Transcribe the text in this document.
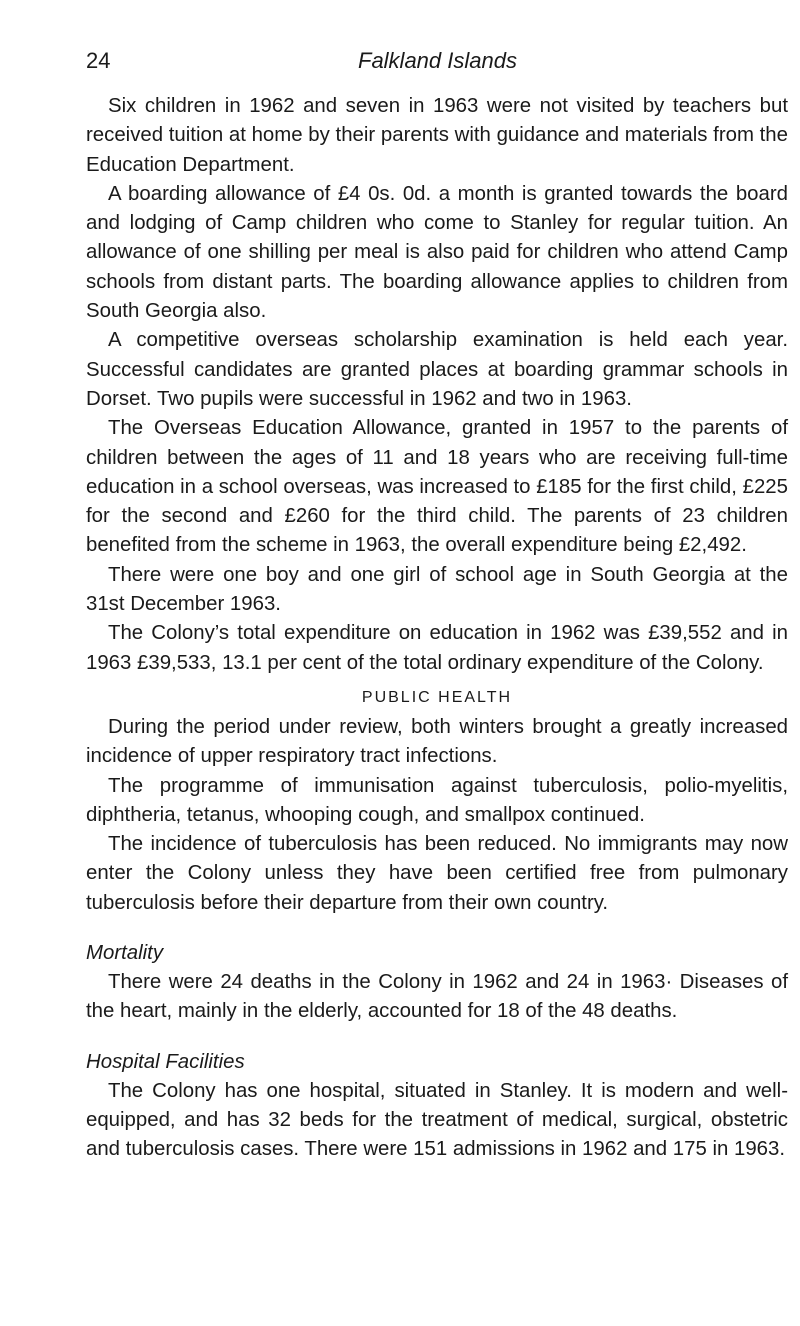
24	Falkland Islands

Six children in 1962 and seven in 1963 were not visited by teachers but received tuition at home by their parents with guidance and materials from the Education Department.

A boarding allowance of £4 0s. 0d. a month is granted towards the board and lodging of Camp children who come to Stanley for regular tuition. An allowance of one shilling per meal is also paid for children who attend Camp schools from distant parts. The boarding allowance applies to children from South Georgia also.

A competitive overseas scholarship examination is held each year. Successful candidates are granted places at boarding grammar schools in Dorset. Two pupils were successful in 1962 and two in 1963.

The Overseas Education Allowance, granted in 1957 to the parents of children between the ages of 11 and 18 years who are receiving full-time education in a school overseas, was increased to £185 for the first child, £225 for the second and £260 for the third child. The parents of 23 children benefited from the scheme in 1963, the overall expenditure being £2,492.

There were one boy and one girl of school age in South Georgia at the 31st December 1963.

The Colony’s total expenditure on education in 1962 was £39,552 and in 1963 £39,533, 13.1 per cent of the total ordinary expenditure of the Colony.

PUBLIC HEALTH

During the period under review, both winters brought a greatly increased incidence of upper respiratory tract infections.

The programme of immunisation against tuberculosis, polio-myelitis, diphtheria, tetanus, whooping cough, and smallpox continued.

The incidence of tuberculosis has been reduced. No immigrants may now enter the Colony unless they have been certified free from pulmonary tuberculosis before their departure from their own country.

Mortality

There were 24 deaths in the Colony in 1962 and 24 in 1963· Diseases of the heart, mainly in the elderly, accounted for 18 of the 48 deaths.

Hospital Facilities

The Colony has one hospital, situated in Stanley. It is modern and well-equipped, and has 32 beds for the treatment of medical, surgical, obstetric and tuberculosis cases. There were 151 admissions in 1962 and 175 in 1963.
